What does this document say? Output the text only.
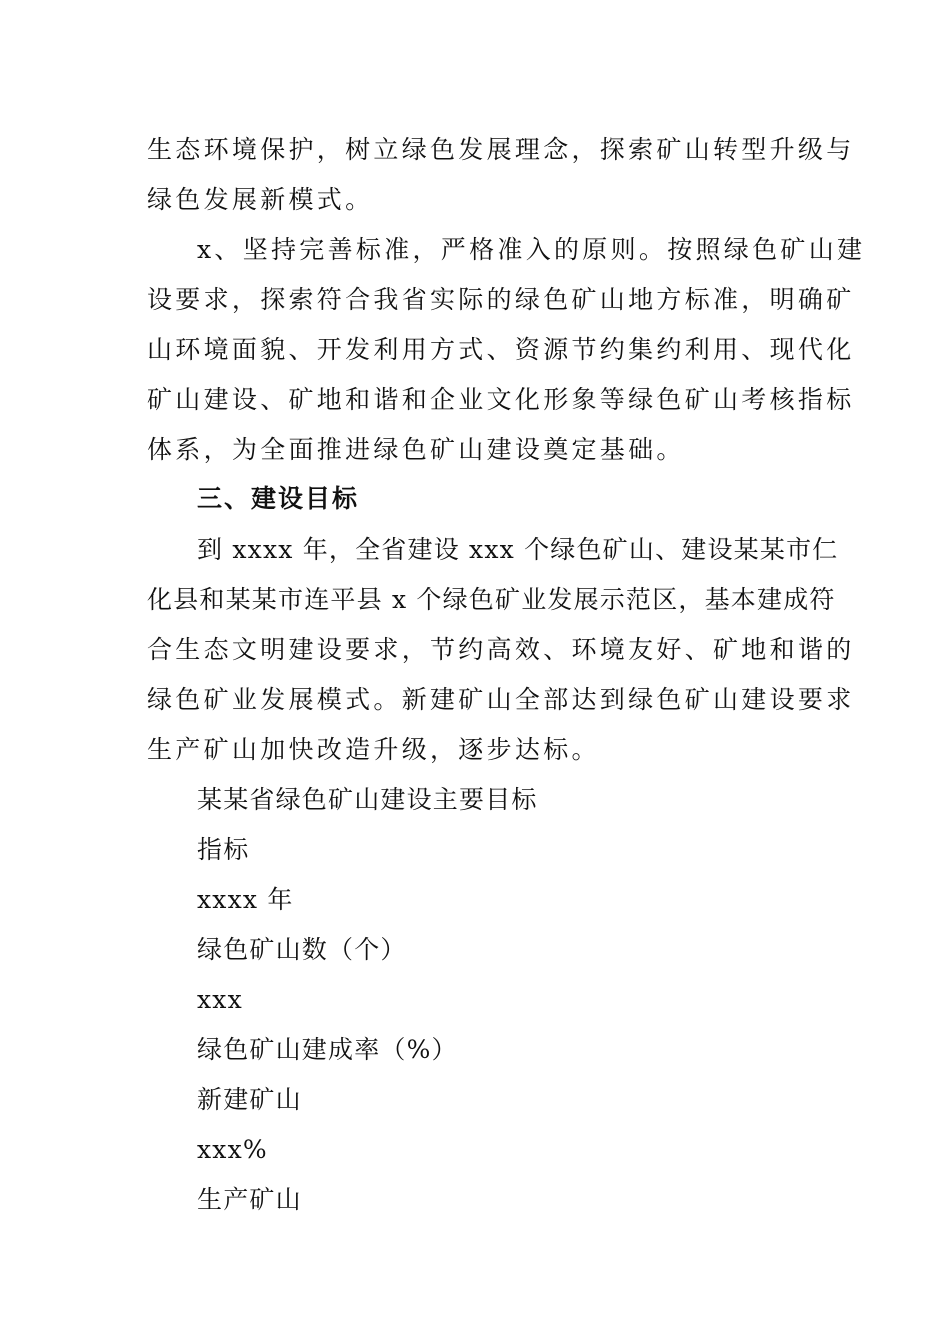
生态环境保护，树立绿色发展理念，探索矿山转型升级与
绿色发展新模式。
x、坚持完善标准，严格准入的原则。按照绿色矿山建
设要求，探索符合我省实际的绿色矿山地方标准，明确矿
山环境面貌、开发利用方式、资源节约集约利用、现代化
矿山建设、矿地和谐和企业文化形象等绿色矿山考核指标
体系，为全面推进绿色矿山建设奠定基础。
三、建设目标
到 xxxx 年，全省建设 xxx 个绿色矿山、建设某某市仁
化县和某某市连平县 x 个绿色矿业发展示范区，基本建成符
合生态文明建设要求，节约高效、环境友好、矿地和谐的
绿色矿业发展模式。新建矿山全部达到绿色矿山建设要求
生产矿山加快改造升级，逐步达标。
某某省绿色矿山建设主要目标
指标
xxxx 年
绿色矿山数（个）
xxx
绿色矿山建成率（%）
新建矿山
xxx%
生产矿山
